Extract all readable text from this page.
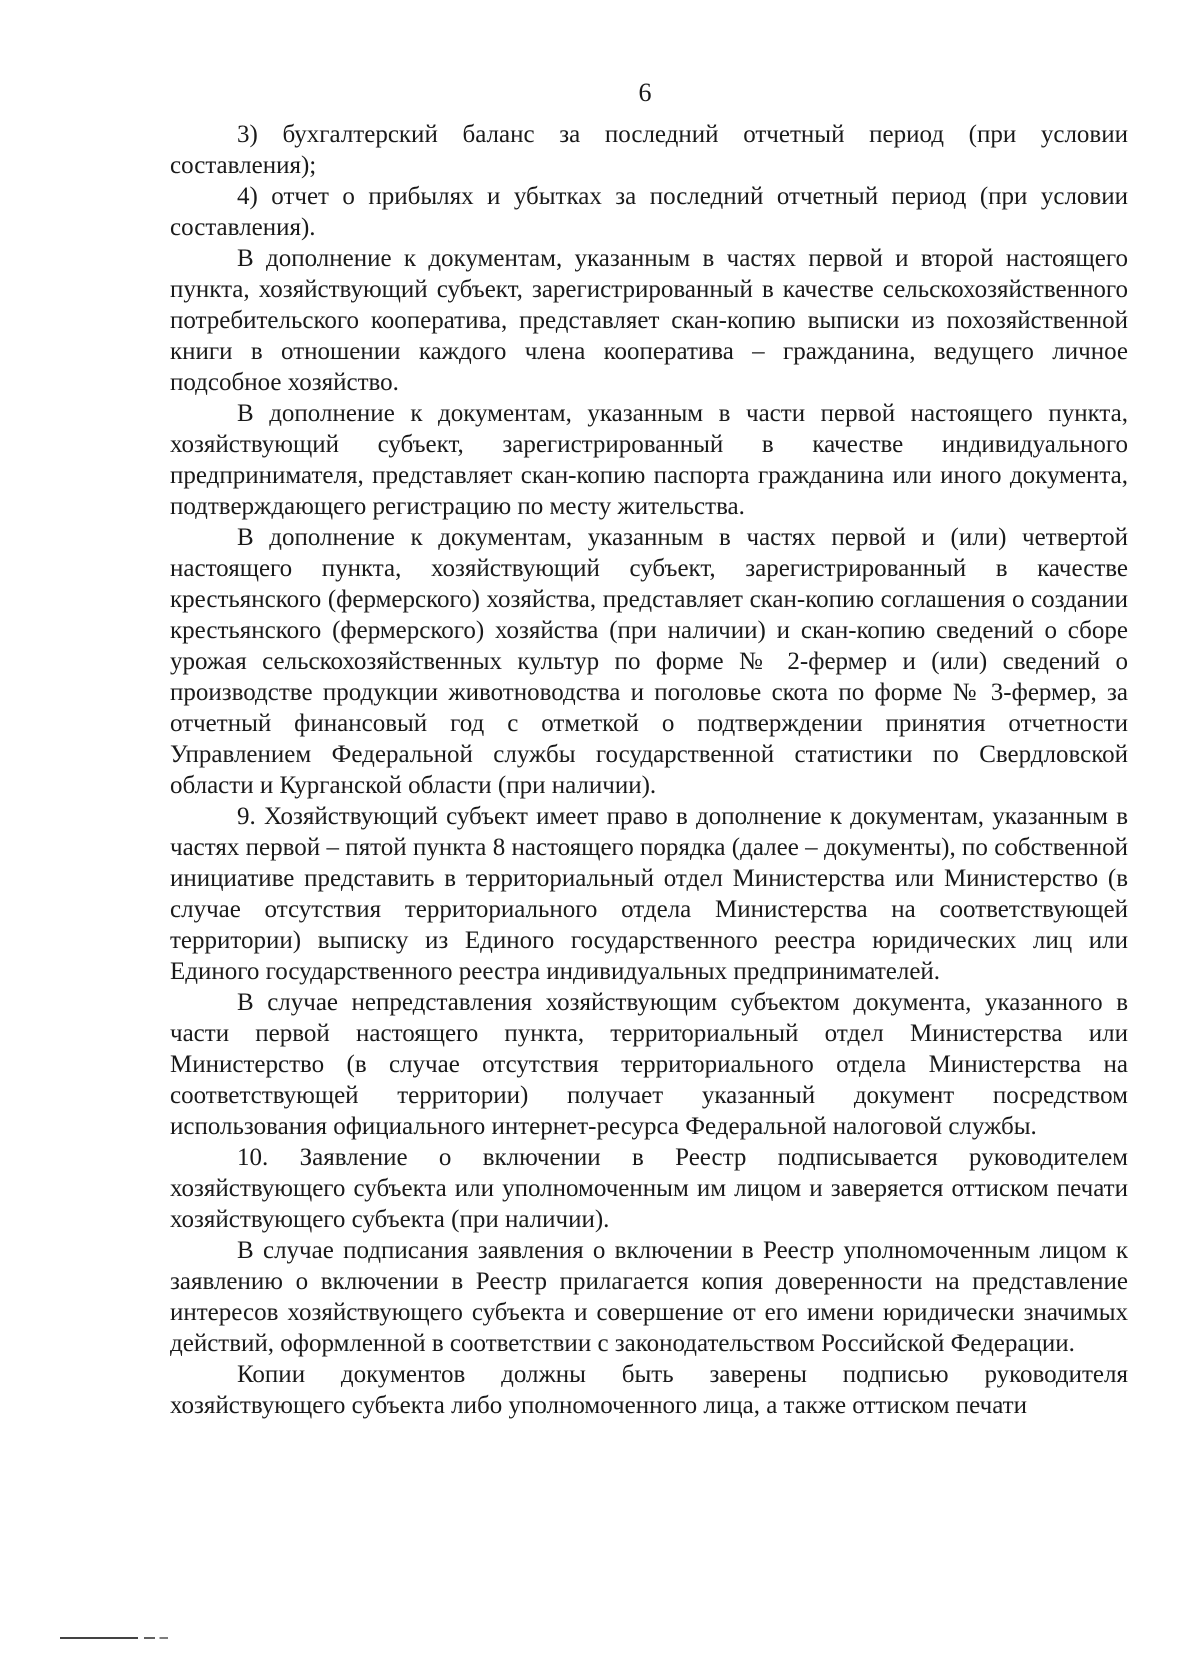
6

3) бухгалтерский баланс за последний отчетный период (при условии составления);

4) отчет о прибылях и убытках за последний отчетный период (при условии составления).

В дополнение к документам, указанным в частях первой и второй настоящего пункта, хозяйствующий субъект, зарегистрированный в качестве сельскохозяйственного потребительского кооператива, представляет скан-копию выписки из похозяйственной книги в отношении каждого члена кооператива – гражданина, ведущего личное подсобное хозяйство.

В дополнение к документам, указанным в части первой настоящего пункта, хозяйствующий субъект, зарегистрированный в качестве индивидуального предпринимателя, представляет скан-копию паспорта гражданина или иного документа, подтверждающего регистрацию по месту жительства.

В дополнение к документам, указанным в частях первой и (или) четвертой настоящего пункта, хозяйствующий субъект, зарегистрированный в качестве крестьянского (фермерского) хозяйства, представляет скан-копию соглашения о создании крестьянского (фермерского) хозяйства (при наличии) и скан-копию сведений о сборе урожая сельскохозяйственных культур по форме № 2-фермер и (или) сведений о производстве продукции животноводства и поголовье скота по форме № 3-фермер, за отчетный финансовый год с отметкой о подтверждении принятия отчетности Управлением Федеральной службы государственной статистики по Свердловской области и Курганской области (при наличии).

9. Хозяйствующий субъект имеет право в дополнение к документам, указанным в частях первой – пятой пункта 8 настоящего порядка (далее – документы), по собственной инициативе представить в территориальный отдел Министерства или Министерство (в случае отсутствия территориального отдела Министерства на соответствующей территории) выписку из Единого государственного реестра юридических лиц или Единого государственного реестра индивидуальных предпринимателей.

В случае непредставления хозяйствующим субъектом документа, указанного в части первой настоящего пункта, территориальный отдел Министерства или Министерство (в случае отсутствия территориального отдела Министерства на соответствующей территории) получает указанный документ посредством использования официального интернет-ресурса Федеральной налоговой службы.

10. Заявление о включении в Реестр подписывается руководителем хозяйствующего субъекта или уполномоченным им лицом и заверяется оттиском печати хозяйствующего субъекта (при наличии).

В случае подписания заявления о включении в Реестр уполномоченным лицом к заявлению о включении в Реестр прилагается копия доверенности на представление интересов хозяйствующего субъекта и совершение от его имени юридически значимых действий, оформленной в соответствии с законодательством Российской Федерации.

Копии документов должны быть заверены подписью руководителя хозяйствующего субъекта либо уполномоченного лица, а также оттиском печати
